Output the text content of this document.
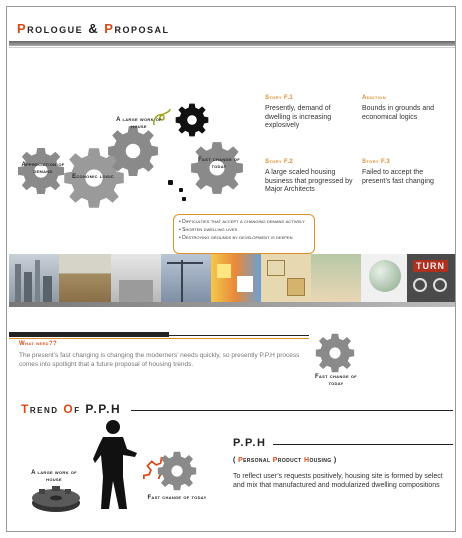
Prologue & Proposal
Appreciation of demand
Economic logic
A large work of house
Fast change of today
Story F.1
Presently, demand of dwelling is increasing explosively
Addition
Bounds in grounds and economical logics
Story F.2
A large scaled housing business that progressed by Major Architects
Story F.3
Failed to accept the present’s fast changing
• Difficulties that accept a changing demand actively
• Shorten dwelling lives
• Destroying grounds by development is deepen
TURN
What need??
The present’s fast changing is changing the moderners’ needs quickly, so presently P.P.H process comes into spotlight that a future proposal of housing trends.
Fast change of today
Trend Of P.P.H
Fast change of today
A large work of house
P.P.H
( Personal Product Housing )
To reflect user’s requests positively, housing site is formed by select and mix that manufactured and modularized dwelling compositions
